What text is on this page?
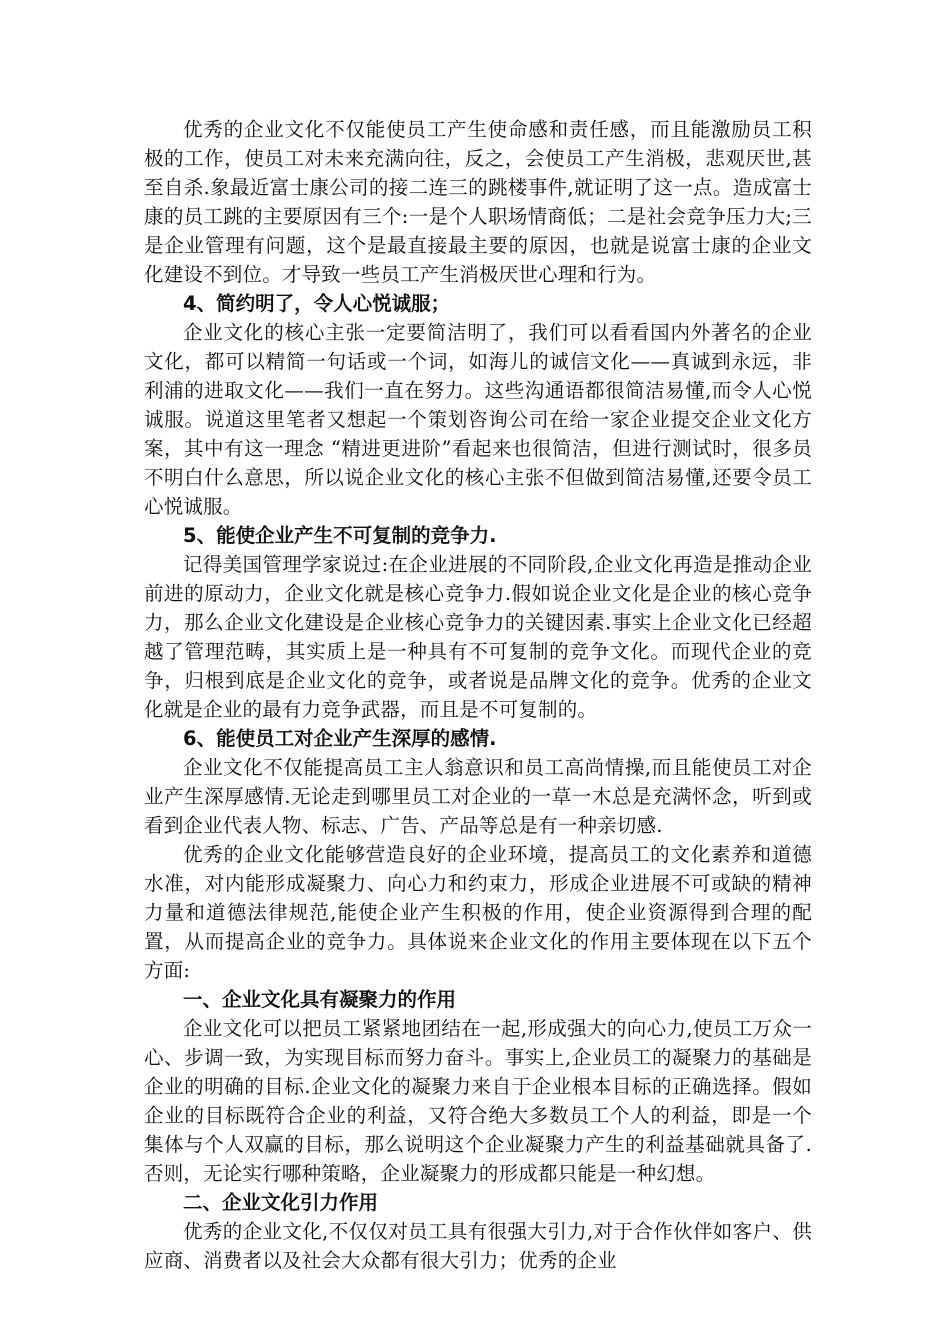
优秀的企业文化不仅能使员工产生使命感和责任感，而且能激励员工积极的工作，使员工对未来充满向往，反之，会使员工产生消极，悲观厌世,甚至自杀.象最近富士康公司的接二连三的跳楼事件,就证明了这一点。造成富士康的员工跳的主要原因有三个:一是个人职场情商低；二是社会竞争压力大;三是企业管理有问题，这个是最直接最主要的原因，也就是说富士康的企业文化建设不到位。才导致一些员工产生消极厌世心理和行为。

4、简约明了，令人心悦诚服；

企业文化的核心主张一定要简洁明了，我们可以看看国内外著名的企业文化，都可以精简一句话或一个词，如海儿的诚信文化——真诚到永远，非利浦的进取文化——我们一直在努力。这些沟通语都很简洁易懂,而令人心悦诚服。说道这里笔者又想起一个策划咨询公司在给一家企业提交企业文化方案，其中有这一理念 “精进更进阶”看起来也很简洁，但进行测试时，很多员不明白什么意思，所以说企业文化的核心主张不但做到简洁易懂,还要令员工心悦诚服。

5、能使企业产生不可复制的竞争力.

记得美国管理学家说过:在企业进展的不同阶段,企业文化再造是推动企业前进的原动力，企业文化就是核心竞争力.假如说企业文化是企业的核心竞争力，那么企业文化建设是企业核心竞争力的关键因素.事实上企业文化已经超越了管理范畴，其实质上是一种具有不可复制的竞争文化。而现代企业的竞争，归根到底是企业文化的竞争，或者说是品牌文化的竞争。优秀的企业文化就是企业的最有力竞争武器，而且是不可复制的。

6、能使员工对企业产生深厚的感情.

企业文化不仅能提高员工主人翁意识和员工高尚情操,而且能使员工对企业产生深厚感情.无论走到哪里员工对企业的一草一木总是充满怀念，听到或看到企业代表人物、标志、广告、产品等总是有一种亲切感.

优秀的企业文化能够营造良好的企业环境，提高员工的文化素养和道德水准，对内能形成凝聚力、向心力和约束力，形成企业进展不可或缺的精神力量和道德法律规范,能使企业产生积极的作用，使企业资源得到合理的配置，从而提高企业的竞争力。具体说来企业文化的作用主要体现在以下五个方面:

一、企业文化具有凝聚力的作用

企业文化可以把员工紧紧地团结在一起,形成强大的向心力,使员工万众一心、步调一致，为实现目标而努力奋斗。事实上,企业员工的凝聚力的基础是企业的明确的目标.企业文化的凝聚力来自于企业根本目标的正确选择。假如企业的目标既符合企业的利益，又符合绝大多数员工个人的利益，即是一个集体与个人双赢的目标，那么说明这个企业凝聚力产生的利益基础就具备了.否则，无论实行哪种策略，企业凝聚力的形成都只能是一种幻想。

二、企业文化引力作用

优秀的企业文化,不仅仅对员工具有很强大引力,对于合作伙伴如客户、供应商、消费者以及社会大众都有很大引力；优秀的企业
